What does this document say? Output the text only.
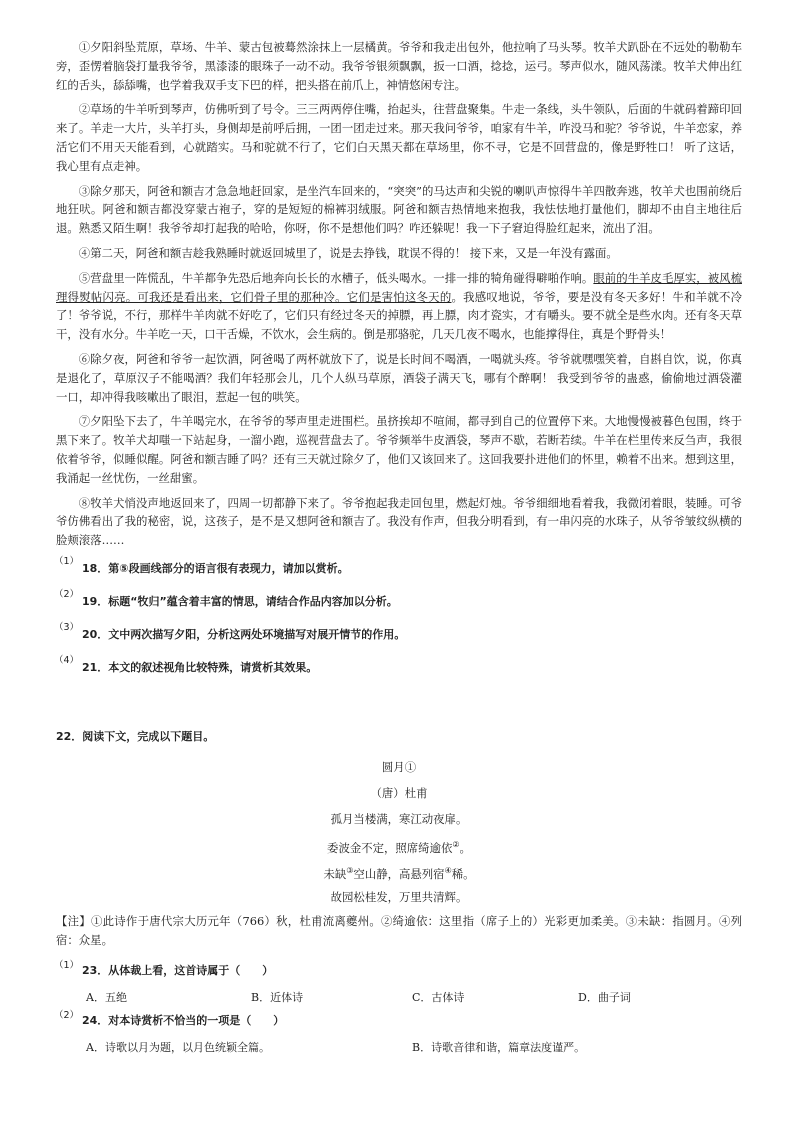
①夕阳斜坠荒原，草场、牛羊、蒙古包被蓦然涂抹上一层橘黄。爷爷和我走出包外，他拉响了马头琴。牧羊犬趴卧在不远处的勒勒车旁，歪愣着脑袋打量我爷爷，黑漆漆的眼珠子一动不动。我爷爷银须飘飘，扳一口酒，捻捻，运弓。琴声似水，随风荡漾。牧羊犬伸出红红的舌头，舔舔嘴，也学着我双手支下巴的样，把头搭在前爪上，神情悠闲专注。

②草场的牛羊听到琴声，仿佛听到了号令。三三两两停住嘴，抬起头，往营盘聚集。牛走一条线，头牛领队，后面的牛就码着蹄印回来了。羊走一大片，头羊打头，身侧却是前呼后拥，一团一团走过来。那天我问爷爷，咱家有牛羊，咋没马和驼？爷爷说，牛羊恋家，养活它们不用天天能看到，心就踏实。马和驼就不行了，它们白天黑天都在草场里，你不寻，它是不回营盘的，像是野牲口！ 听了这话，我心里有点走神。

③除夕那天，阿爸和额吉才急急地赶回家，是坐汽车回来的，“突突”的马达声和尖锐的喇叭声惊得牛羊四散奔逃，牧羊犬也围前绕后地狂吠。阿爸和额吉都没穿蒙古袍子，穿的是短短的棉裤羽绒服。阿爸和额吉热情地来抱我，我怯怯地打量他们，脚却不由自主地往后退。熟悉又陌生啊！我爷爷却打起我的哈哈，你呀，你不是想他们吗？咋还躲呢！我一下子窘迫得脸红起来，流出了泪。

④第二天，阿爸和额吉趁我熟睡时就返回城里了，说是去挣钱，耽误不得的！ 接下来，又是一年没有露面。

⑤营盘里一阵慌乱，牛羊都争先恐后地奔向长长的水槽子，低头喝水。一排一排的犄角碰得噼啪作响。眼前的牛羊皮毛厚实，被风梳理得熨帖闪亮。可我还是看出来，它们骨子里的那种冷。它们是害怕这冬天的。我感叹地说，爷爷，要是没有冬天多好！牛和羊就不冷了！爷爷说，不行，那样牛羊肉就不好吃了，它们只有经过冬天的掉膘，再上膘，肉才瓷实，才有嚼头。要不就全是些水肉。还有冬天草干，没有水分。牛羊吃一天，口干舌燥，不饮水，会生病的。倒是那骆驼，几天几夜不喝水，也能撑得住，真是个野骨头！

⑥除夕夜，阿爸和爷爷一起饮酒，阿爸喝了两杯就放下了，说是长时间不喝酒，一喝就头疼。爷爷就嘿嘿笑着，自斟自饮，说，你真是退化了，草原汉子不能喝酒？我们年轻那会儿，几个人纵马草原，酒袋子满天飞，哪有个醉啊！ 我受到爷爷的蛊惑，偷偷地过酒袋灌一口，却冲得我咳嗽出了眼泪，惹起一包的哄笑。

⑦夕阳坠下去了，牛羊喝完水，在爷爷的琴声里走进围栏。虽挤挨却不喧闹，都寻到自己的位置停下来。大地慢慢被暮色包围，终于黑下来了。牧羊犬却嗤一下站起身，一溜小跑，巡视营盘去了。爷爷频举牛皮酒袋，琴声不歇，若断若续。牛羊在栏里传来反刍声，我很依着爷爷，似睡似醒。阿爸和额吉睡了吗？还有三天就过除夕了，他们又该回来了。这回我要扑进他们的怀里，赖着不出来。想到这里，我涌起一丝忧伤，一丝甜蜜。

⑧牧羊犬悄没声地返回来了，四周一切都静下来了。爷爷抱起我走回包里，燃起灯烛。爷爷细细地看着我，我微闭着眼，装睡。可爷爷仿佛看出了我的秘密，说，这孩子，是不是又想阿爸和额吉了。我没有作声，但我分明看到，有一串闪亮的水珠子，从爷爷皱纹纵横的脸颊滚落……

（1）
18．第⑤段画线部分的语言很有表现力，请加以赏析。
（2）
19．标题“牧归”蕴含着丰富的情思，请结合作品内容加以分析。
（3）
20．文中两次描写夕阳，分析这两处环境描写对展开情节的作用。
（4）
21．本文的叙述视角比较特殊，请赏析其效果。
22．阅读下文，完成以下题目。
圆月①
（唐）杜甫
孤月当楼满，寒江动夜扉。
委波金不定，照席绮逾依②。
未缺③空山静，高悬列宿④稀。
故园松桂发，万里共清辉。
【注】①此诗作于唐代宗大历元年（766）秋，杜甫流离夔州。②绮逾依：这里指（席子上的）光彩更加柔美。③未缺：指圆月。④列宿：众星。
（1） 23．从体裁上看，这首诗属于（　　）
A．五绝	B．近体诗	C．古体诗	D．曲子词
（2） 24．对本诗赏析不恰当的一项是（　　）
A．诗歌以月为题，以月色统颖全篇。	B．诗歌音律和谐，篇章法度谨严。
